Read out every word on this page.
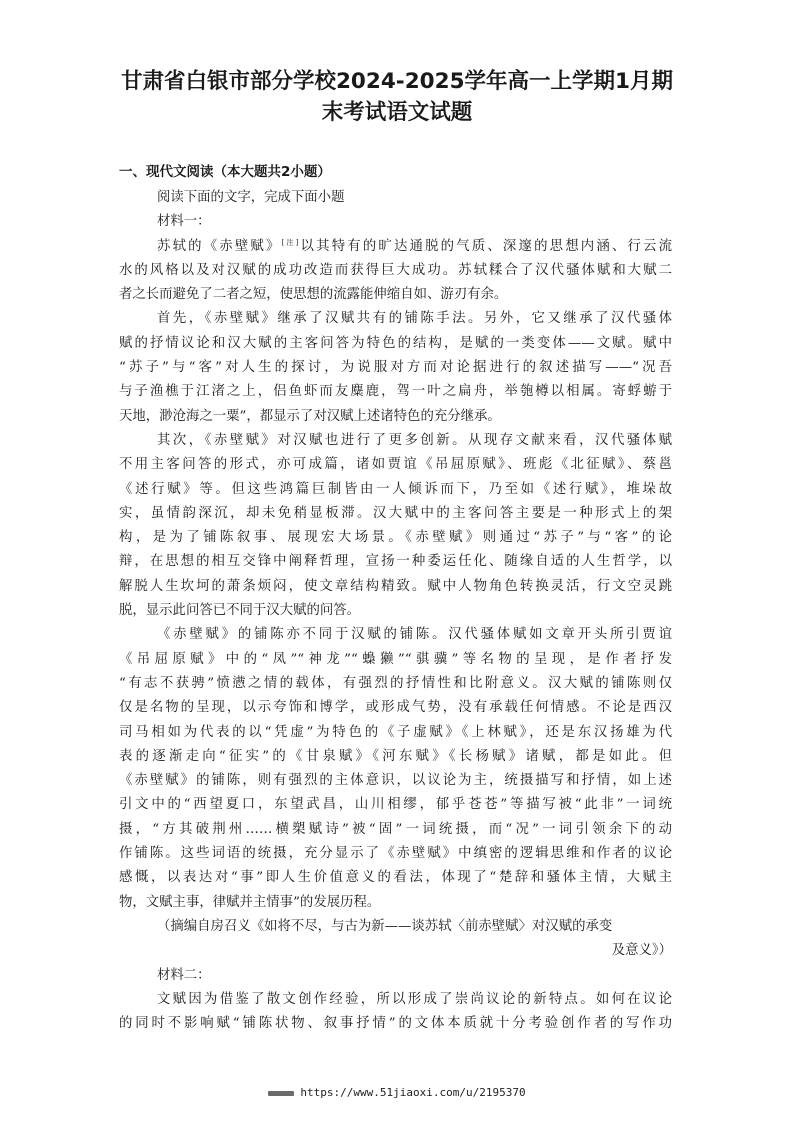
甘肃省白银市部分学校2024-2025学年高一上学期1月期
末考试语文试题
一、现代文阅读（本大题共2小题）
阅读下面的文字，完成下面小题
材料一：
苏轼的《赤壁赋》[注]以其特有的旷达通脱的气质、深邃的思想内涵、行云流
水的风格以及对汉赋的成功改造而获得巨大成功。苏轼糅合了汉代骚体赋和大赋二
者之长而避免了二者之短，使思想的流露能伸缩自如、游刃有余。
首先，《赤壁赋》继承了汉赋共有的铺陈手法。另外，它又继承了汉代骚体
赋的抒情议论和汉大赋的主客问答为特色的结构，是赋的一类变体——文赋。赋中
“苏子”与“客”对人生的探讨，为说服对方而对论据进行的叙述描写——“况吾
与子渔樵于江渚之上，侣鱼虾而友麋鹿，驾一叶之扁舟，举匏樽以相属。寄蜉蝣于
天地，渺沧海之一粟”，都显示了对汉赋上述诸特色的充分继承。
其次，《赤壁赋》对汉赋也进行了更多创新。从现存文献来看，汉代骚体赋
不用主客问答的形式，亦可成篇，诸如贾谊《吊屈原赋》、班彪《北征赋》、蔡邕
《述行赋》等。但这些鸿篇巨制皆由一人倾诉而下，乃至如《述行赋》，堆垛故
实，虽情韵深沉，却未免稍显板滞。汉大赋中的主客问答主要是一种形式上的架
构，是为了铺陈叙事、展现宏大场景。《赤壁赋》则通过“苏子”与“客”的论
辩，在思想的相互交锋中阐释哲理，宣扬一种委运任化、随缘自适的人生哲学，以
解脱人生坎坷的萧条烦闷，使文章结构精致。赋中人物角色转换灵活，行文空灵跳
脱，显示此问答已不同于汉大赋的问答。
《赤壁赋》的铺陈亦不同于汉赋的铺陈。汉代骚体赋如文章开头所引贾谊
《吊屈原赋》中的“凤”“神龙”“蟂獭”“骐骥”等名物的呈现，是作者抒发
“有志不获骋”愤懑之情的载体，有强烈的抒情性和比附意义。汉大赋的铺陈则仅
仅是名物的呈现，以示夸饰和博学，或形成气势，没有承载任何情感。不论是西汉
司马相如为代表的以“凭虚”为特色的《子虚赋》《上林赋》，还是东汉扬雄为代
表的逐渐走向“征实”的《甘泉赋》《河东赋》《长杨赋》诸赋，都是如此。但
《赤壁赋》的铺陈，则有强烈的主体意识，以议论为主，统摄描写和抒情，如上述
引文中的“西望夏口，东望武昌，山川相缪，郁乎苍苍”等描写被“此非”一词统
摄，“方其破荆州……横槊赋诗”被“固”一词统摄，而“况”一词引领余下的动
作铺陈。这些词语的统摄，充分显示了《赤壁赋》中缜密的逻辑思维和作者的议论
感慨，以表达对“事”即人生价值意义的看法，体现了“楚辞和骚体主情，大赋主
物，文赋主事，律赋并主情事”的发展历程。
（摘编自房召义《如将不尽，与古为新——谈苏轼〈前赤壁赋〉对汉赋的承变
及意义》）
材料二：
文赋因为借鉴了散文创作经验，所以形成了崇尚议论的新特点。如何在议论
的同时不影响赋“铺陈状物、叙事抒情”的文体本质就十分考验创作者的写作功
https://www.51jiaoxi.com/u/2195370
